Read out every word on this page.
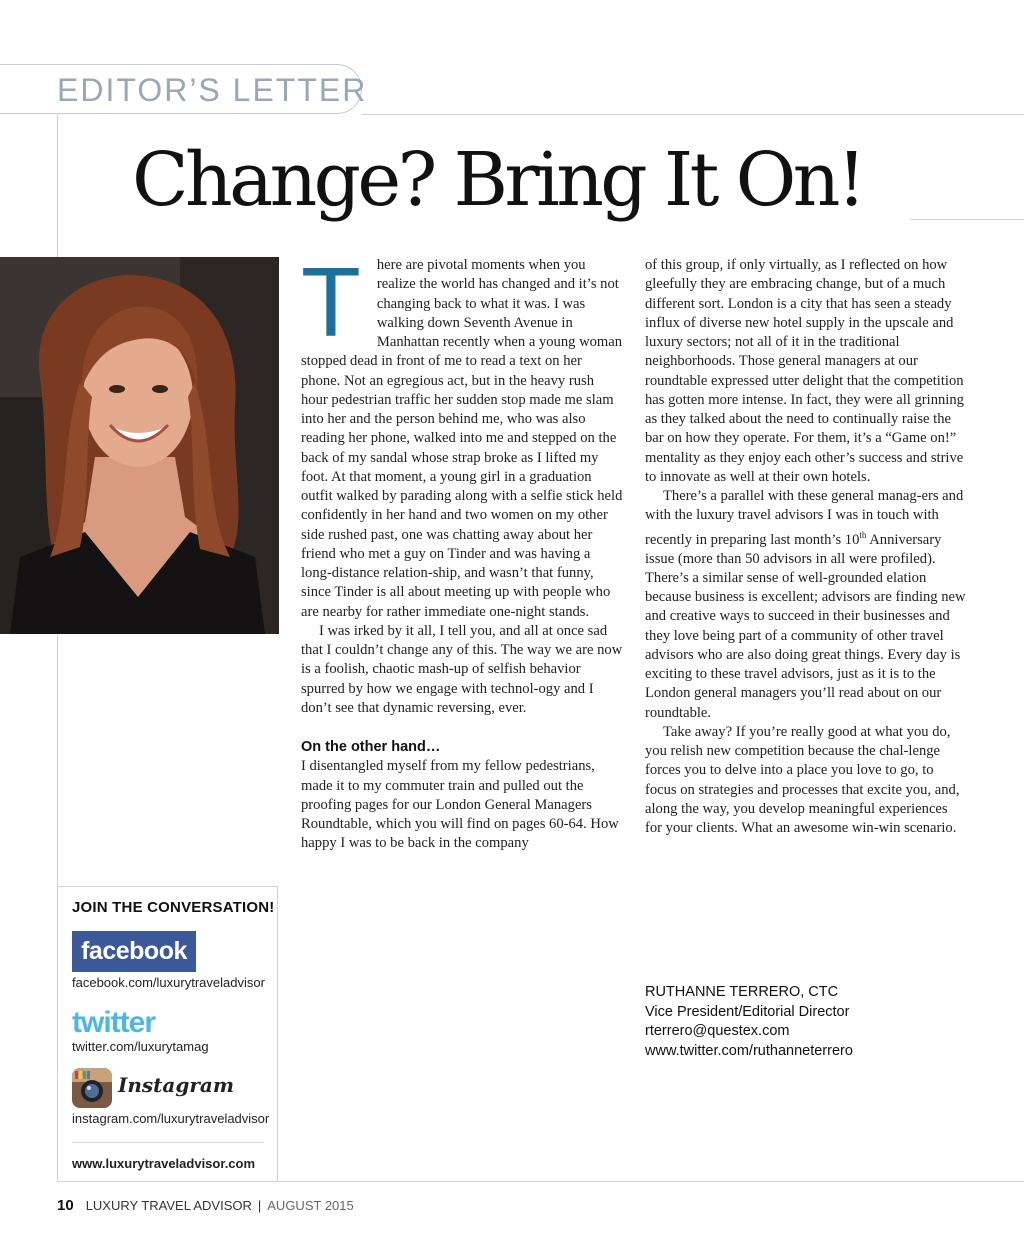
EDITOR’S LETTER
Change? Bring It On!
T	here are pivotal moments when you realize the world has changed and it’s not changing back to what it was. I was walking down Seventh Avenue in Manhattan recently when a young woman stopped dead in front of me to read a text on her phone. Not an egregious act, but in the heavy rush hour pedestrian traffic her sudden stop made me slam into her and the person behind me, who was also reading her phone, walked into me and stepped on the back of my sandal whose strap broke as I lifted my foot. At that moment, a young girl in a graduation outfit walked by parading along with a selfie stick held confidently in her hand and two women on my other side rushed past, one was chatting away about her friend who met a guy on Tinder and was having a long-distance relation-ship, and wasn’t that funny, since Tinder is all about meeting up with people who are nearby for rather immediate one-night stands.

I was irked by it all, I tell you, and all at once sad that I couldn’t change any of this. The way we are now is a foolish, chaotic mash-up of selfish behavior spurred by how we engage with technol-ogy and I don’t see that dynamic reversing, ever.

On the other hand…

I disentangled myself from my fellow pedestrians, made it to my commuter train and pulled out the proofing pages for our London General Managers Roundtable, which you will find on pages 60-64. How happy I was to be back in the company

of this group, if only virtually, as I reflected on how gleefully they are embracing change, but of a much different sort. London is a city that has seen a steady influx of diverse new hotel supply in the upscale and luxury sectors; not all of it in the traditional neighborhoods. Those general managers at our roundtable expressed utter delight that the competition has gotten more intense. In fact, they were all grinning as they talked about the need to continually raise the bar on how they operate. For them, it’s a “Game on!” mentality as they enjoy each other’s success and strive to innovate as well at their own hotels.

There’s a parallel with these general manag-ers and with the luxury travel advisors I was in touch with recently in preparing last month’s 10th Anniversary issue (more than 50 advisors in all were profiled). There’s a similar sense of well-grounded elation because business is excellent; advisors are finding new and creative ways to succeed in their businesses and they love being part of a community of other travel advisors who are also doing great things. Every day is exciting to these travel advisors, just as it is to the London general managers you’ll read about on our roundtable.

Take away? If you’re really good at what you do, you relish new competition because the chal-lenge forces you to delve into a place you love to go, to focus on strategies and processes that excite you, and, along the way, you develop meaningful experiences for your clients. What an awesome win-win scenario.

RUTHANNE TERRERO, CTC
Vice President/Editorial Director
rterrero@questex.com
www.twitter.com/ruthanneterrero
JOIN THE CONVERSATION!
facebook
facebook.com/luxurytraveladvisor
twitter
twitter.com/luxurytamag
Instagram
instagram.com/luxurytraveladvisor
www.luxurytraveladvisor.com
10 LUXURY TRAVEL ADVISOR | AUGUST 2015
